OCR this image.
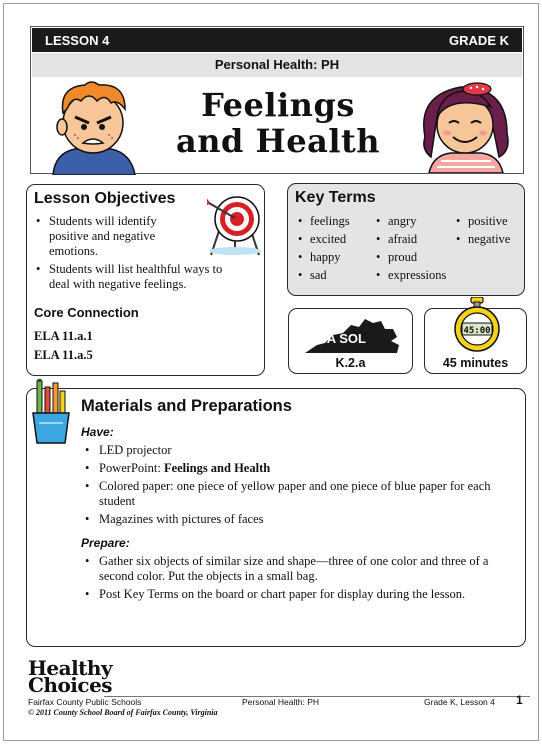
LESSON 4	GRADE K
Personal Health: PH
Feelings
and Health
Lesson Objectives
• Students will identify positive and negative emotions.
• Students will list healthful ways to deal with negative feelings.
Core Connection
ELA 11.a.1
ELA 11.a.5
Key Terms
• feelings
• excited
• happy
• sad
• angry
• afraid
• proud
• expressions
• positive
• negative
VA SOL
K.2.a
45:00
45 minutes
Materials and Preparations
Have:
• LED projector
• PowerPoint: Feelings and Health
• Colored paper: one piece of yellow paper and one piece of blue paper for each student
• Magazines with pictures of faces
Prepare:
• Gather six objects of similar size and shape—three of one color and three of a second color. Put the objects in a small bag.
• Post Key Terms on the board or chart paper for display during the lesson.
Healthy
Choices
Fairfax County Public Schools
© 2011 County School Board of Fairfax County, Virginia
Personal Health: PH	Grade K, Lesson 4 1
